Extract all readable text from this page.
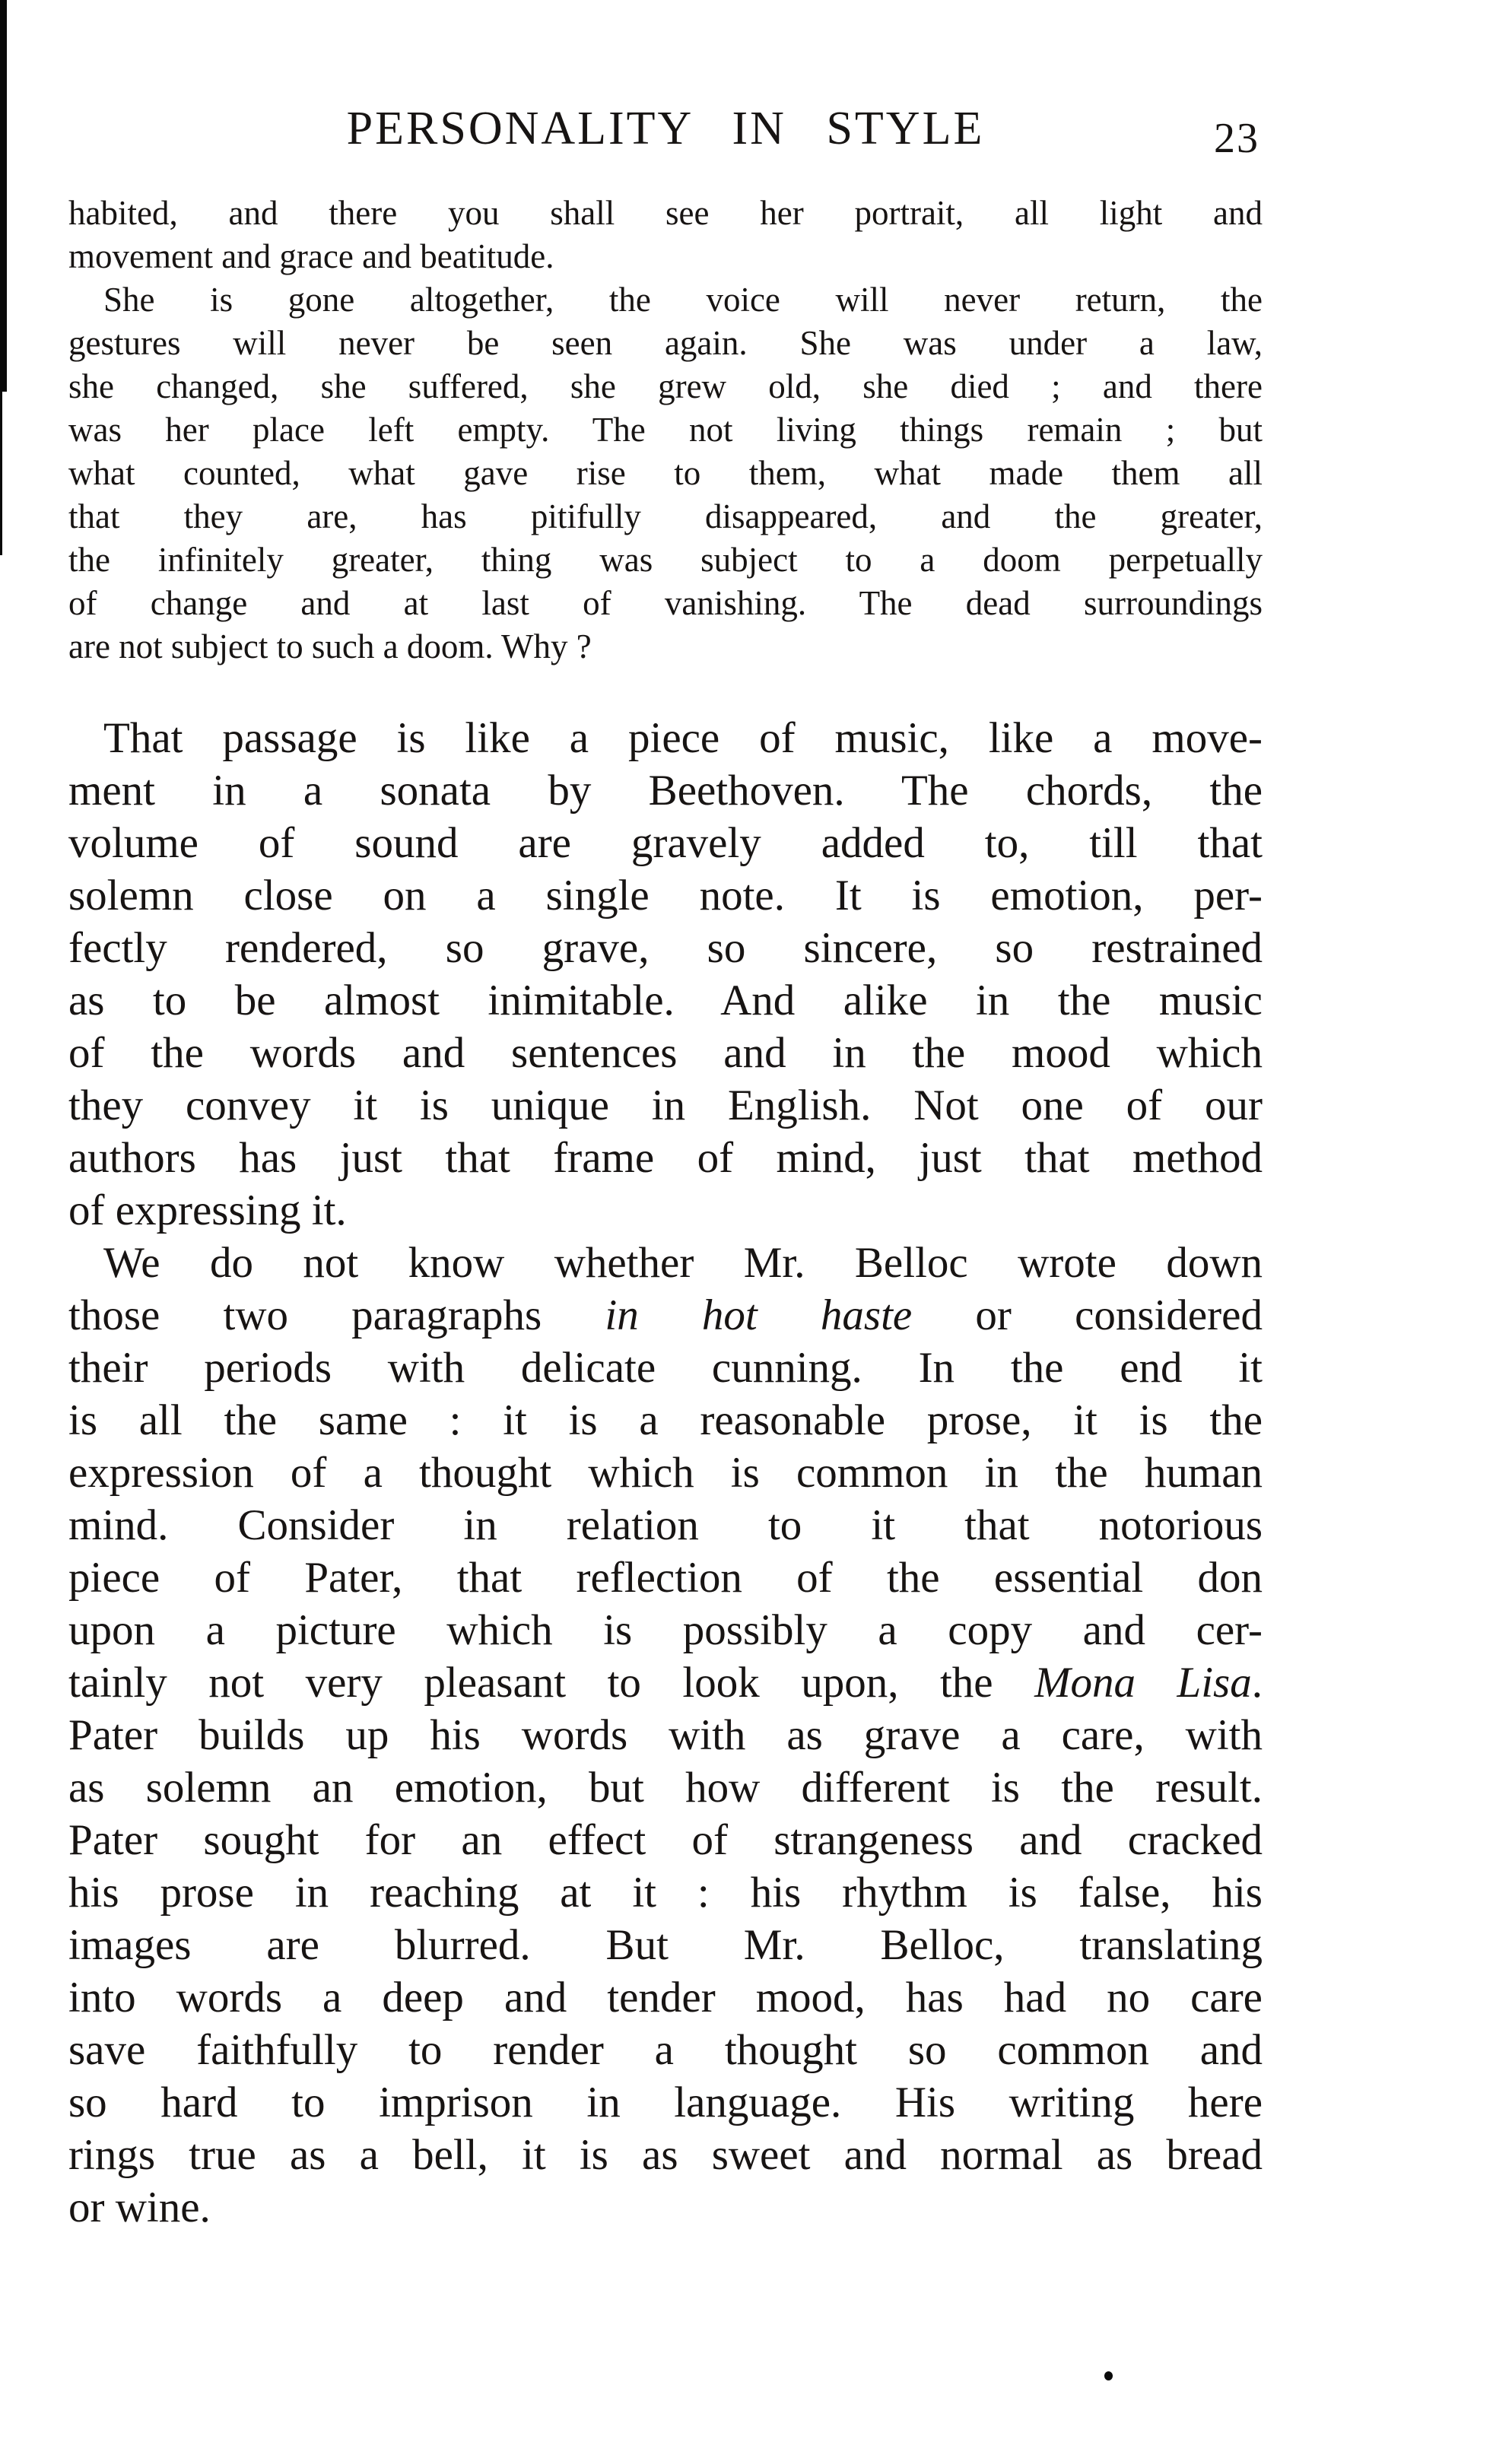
PERSONALITY IN STYLE	23
habited, and there you shall see her portrait, all light and
movement and grace and beatitude.
She is gone altogether, the voice will never return, the
gestures will never be seen again. She was under a law,
she changed, she suffered, she grew old, she died ; and there
was her place left empty. The not living things remain ; but
what counted, what gave rise to them, what made them all
that they are, has pitifully disappeared, and the greater,
the infinitely greater, thing was subject to a doom perpetually
of change and at last of vanishing. The dead surroundings
are not subject to such a doom. Why ?
That passage is like a piece of music, like a move-
ment in a sonata by Beethoven. The chords, the
volume of sound are gravely added to, till that
solemn close on a single note. It is emotion, per-
fectly rendered, so grave, so sincere, so restrained
as to be almost inimitable. And alike in the music
of the words and sentences and in the mood which
they convey it is unique in English. Not one of our
authors has just that frame of mind, just that method
of expressing it.
We do not know whether Mr. Belloc wrote down
those two paragraphs in hot haste or considered
their periods with delicate cunning. In the end it
is all the same : it is a reasonable prose, it is the
expression of a thought which is common in the human
mind. Consider in relation to it that notorious
piece of Pater, that reflection of the essential don
upon a picture which is possibly a copy and cer-
tainly not very pleasant to look upon, the Mona Lisa.
Pater builds up his words with as grave a care, with
as solemn an emotion, but how different is the result.
Pater sought for an effect of strangeness and cracked
his prose in reaching at it : his rhythm is false, his
images are blurred. But Mr. Belloc, translating
into words a deep and tender mood, has had no care
save faithfully to render a thought so common and
so hard to imprison in language. His writing here
rings true as a bell, it is as sweet and normal as bread
or wine.
